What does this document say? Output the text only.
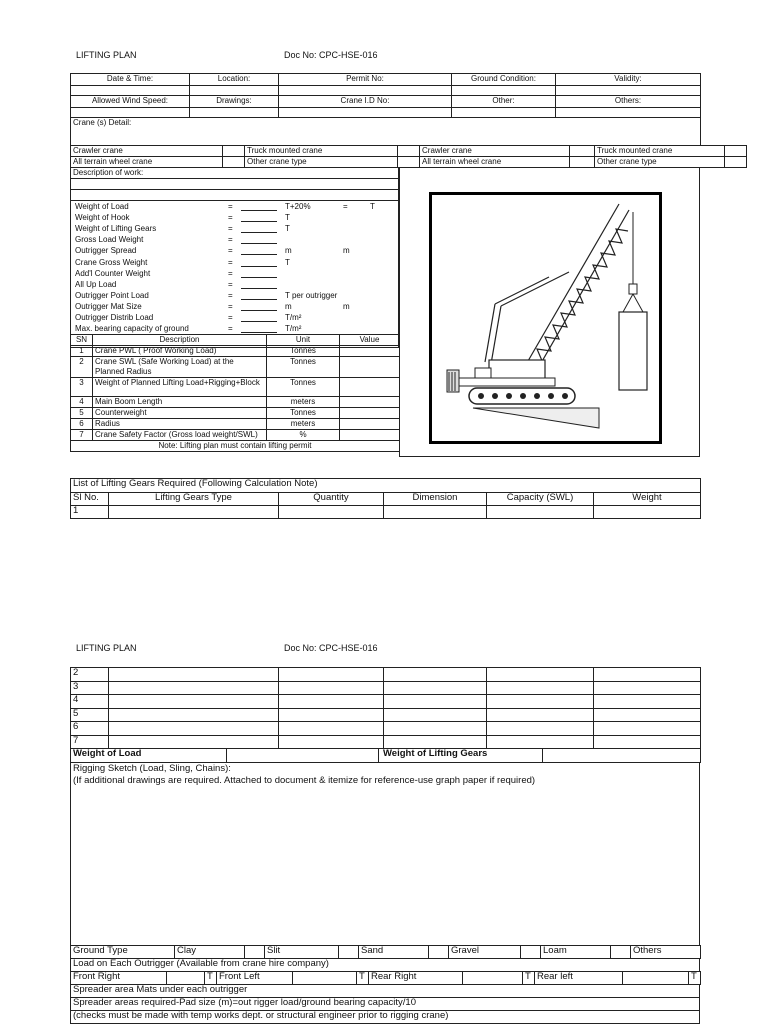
LIFTING PLAN	Doc No: CPC-HSE-016
Date & Time:	Location:	Permit No:	Ground Condition:	Validity:

Allowed Wind Speed:	Drawings:	Crane I.D No:	Other:	Others:

Crane (s) Detail:				
Crawler crane		Truck mounted crane		Crawler crane		Truck mounted crane	
All terrain wheel crane		Other crane type		All terrain wheel crane		Other crane type	
Description of work:

Weight of Load	=	T+20%	=	T
Weight of Hook	=	T
Weight of Lifting Gears	=	T
Gross Load Weight	=
Outrigger Spread	=	m	m
Crane Gross Weight	=	T
Add'l Counter Weight	=
All Up Load	=
Outrigger Point Load	=	T per outrigger
Outrigger Mat Size	=	m	m
Outrigger Distrib Load	=	T/m²
Max. bearing capacity of ground	=	T/m²
SN	Description	Unit	Value
1	Crane PWL ( Proof Working Load)	Tonnes	
2	Crane SWL (Safe Working Load) at the Planned Radius	Tonnes	
3	Weight of Planned Lifting Load+Rigging+Block	Tonnes	
4	Main Boom Length	meters	
5	Counterweight	Tonnes	
6	Radius	meters	
7	Crane Safety Factor (Gross load weight/SWL)	%	
Note: Lifting plan must contain lifting permit			
List of Lifting Gears Required (Following Calculation Note)					
Sl No.	Lifting Gears Type	Quantity	Dimension	Capacity (SWL)	Weight
1					
LIFTING PLAN	Doc No: CPC-HSE-016
2					
3					
4					
5					
6					
7					
Weight of Load		Weight of Lifting Gears	
Rigging Sketch (Load, Sling, Chains):
(If additional drawings are required. Attached to document & itemize for reference-use graph paper if required)
Ground Type	Clay		Slit		Sand		Gravel		Loam		Others
Load on Each Outrigger (Available from crane hire company)
Front Right		T	Front Left		T	Rear Right		T	Rear left		T
Spreader area Mats under each outrigger
Spreader areas required-Pad size (m)=out rigger load/ground bearing capacity/10
(checks must be made with temp works dept. or structural engineer prior to rigging crane)
